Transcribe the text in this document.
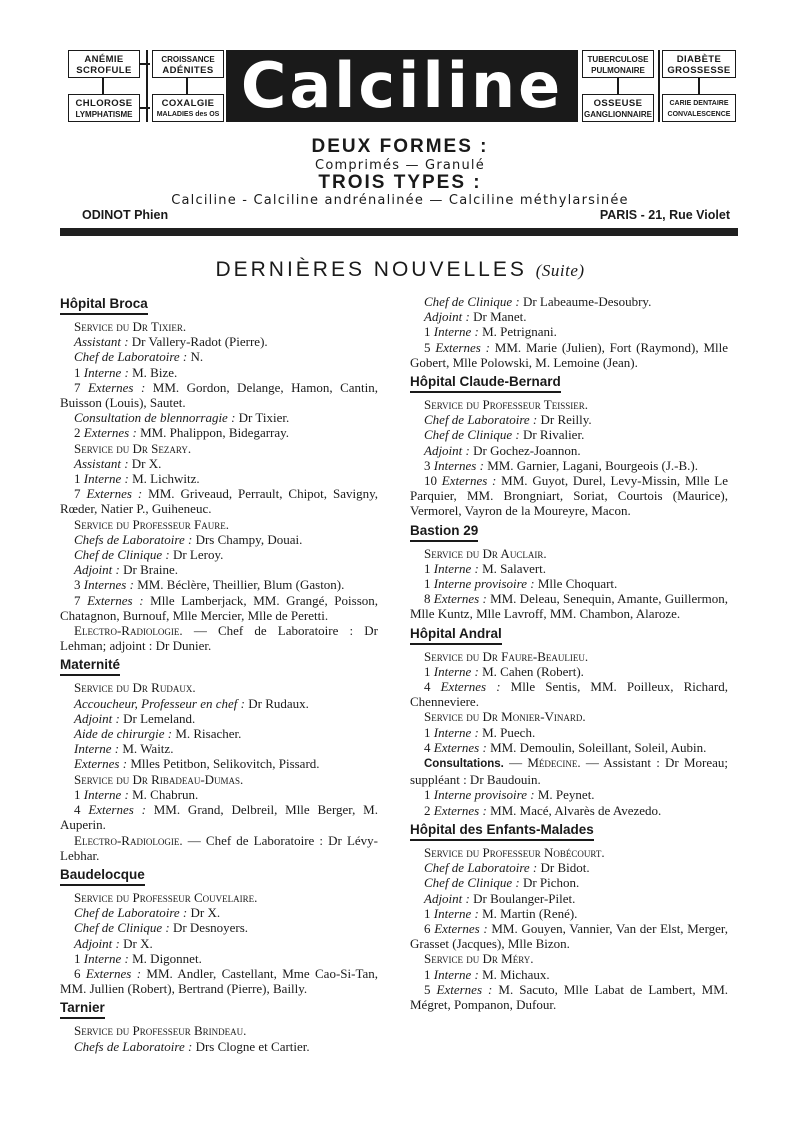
ANÉMIE
SCROFULE
CHLOROSE
LYMPHATISME
CROISSANCE
ADÉNITES
COXALGIE
MALADIES des OS Calciline	TUBERCULOSE
PULMONAIRE
OSSEUSE
GANGLIONNAIRE
DIABÈTE
GROSSESSE
CARIE DENTAIRE
CONVALESCENCE
DEUX FORMES :
Comprimés — Granulé
TROIS TYPES :
Calciline - Calciline andrénalinée — Calciline méthylarsinée
ODINOT Phien	PARIS - 21, Rue Violet
DERNIÈRES NOUVELLES (Suite)
Hôpital Broca
Service du Dr Tixier.
Assistant : Dr Vallery-Radot (Pierre).
Chef de Laboratoire : N.
1 Interne : M. Bize.
7 Externes : MM. Gordon, Delange, Hamon, Cantin, Buisson (Louis), Sautet.
Consultation de blennorragie : Dr Tixier.
2 Externes : MM. Phalippon, Bidegarray.
Service du Dr Sezary.
Assistant : Dr X.
1 Interne : M. Lichwitz.
7 Externes : MM. Griveaud, Perrault, Chipot, Savigny, Rœder, Natier P., Guiheneuc.
Service du Professeur Faure.
Chefs de Laboratoire : Drs Champy, Douai.
Chef de Clinique : Dr Leroy.
Adjoint : Dr Braine.
3 Internes : MM. Béclère, Theillier, Blum (Gaston).
7 Externes : Mlle Lamberjack, MM. Grangé, Poisson, Chatagnon, Burnouf, Mlle Mercier, Mlle de Peretti.
Electro-Radiologie. — Chef de Laboratoire : Dr Lehman; adjoint : Dr Dunier.
Maternité
Service du Dr Rudaux.
Accoucheur, Professeur en chef : Dr Rudaux.
Adjoint : Dr Lemeland.
Aide de chirurgie : M. Risacher.
Interne : M. Waitz.
Externes : Mlles Petitbon, Selikovitch, Pissard.
Service du Dr Ribadeau-Dumas.
1 Interne : M. Chabrun.
4 Externes : MM. Grand, Delbreil, Mlle Berger, M. Auperin.
Electro-Radiologie. — Chef de Laboratoire : Dr Lévy-Lebhar.
Baudelocque
Service du Professeur Couvelaire.
Chef de Laboratoire : Dr X.
Chef de Clinique : Dr Desnoyers.
Adjoint : Dr X.
1 Interne : M. Digonnet.
6 Externes : MM. Andler, Castellant, Mme Cao-Si-Tan, MM. Jullien (Robert), Bertrand (Pierre), Bailly.
Tarnier
Service du Professeur Brindeau.
Chefs de Laboratoire : Drs Clogne et Cartier.
Chef de Clinique : Dr Labeaume-Desoubry.
Adjoint : Dr Manet.
1 Interne : M. Petrignani.
5 Externes : MM. Marie (Julien), Fort (Raymond), Mlle Gobert, Mlle Polowski, M. Lemoine (Jean).
Hôpital Claude-Bernard
Service du Professeur Teissier.
Chef de Laboratoire : Dr Reilly.
Chef de Clinique : Dr Rivalier.
Adjoint : Dr Gochez-Joannon.
3 Internes : MM. Garnier, Lagani, Bourgeois (J.-B.).
10 Externes : MM. Guyot, Durel, Levy-Missin, Mlle Le Parquier, MM. Brongniart, Soriat, Courtois (Maurice), Vermorel, Vayron de la Moureyre, Macon.
Bastion 29
Service du Dr Auclair.
1 Interne : M. Salavert.
1 Interne provisoire : Mlle Choquart.
8 Externes : MM. Deleau, Senequin, Amante, Guillermon, Mlle Kuntz, Mlle Lavroff, MM. Chambon, Alaroze.
Hôpital Andral
Service du Dr Faure-Beaulieu.
1 Interne : M. Cahen (Robert).
4 Externes : Mlle Sentis, MM. Poilleux, Richard, Chenneviere.
Service du Dr Monier-Vinard.
1 Interne : M. Puech.
4 Externes : MM. Demoulin, Soleillant, Soleil, Aubin.
Consultations. — Médecine. — Assistant : Dr Moreau; suppléant : Dr Baudouin.
1 Interne provisoire : M. Peynet.
2 Externes : MM. Macé, Alvarès de Avezedo.
Hôpital des Enfants-Malades
Service du Professeur Nobécourt.
Chef de Laboratoire : Dr Bidot.
Chef de Clinique : Dr Pichon.
Adjoint : Dr Boulanger-Pilet.
1 Interne : M. Martin (René).
6 Externes : MM. Gouyen, Vannier, Van der Elst, Merger, Grasset (Jacques), Mlle Bizon.
Service du Dr Méry.
1 Interne : M. Michaux.
5 Externes : M. Sacuto, Mlle Labat de Lambert, MM. Mégret, Pompanon, Dufour.
